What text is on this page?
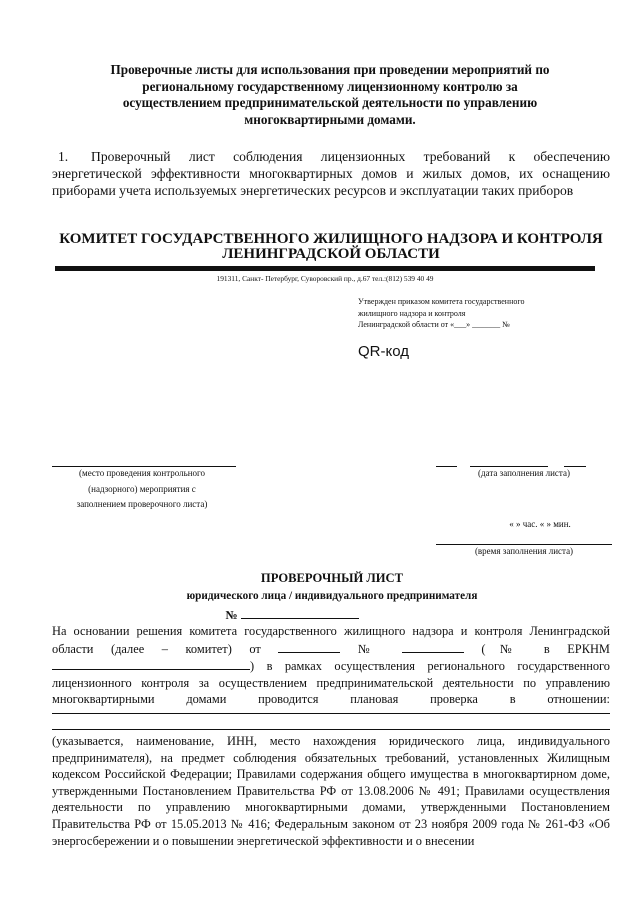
Проверочные листы для использования при проведении мероприятий по
региональному государственному лицензионному контролю за
осуществлением предпринимательской деятельности по управлению
многоквартирными домами.
1. Проверочный лист соблюдения лицензионных требований к обеспечению энергетической эффективности многоквартирных домов и жилых домов, их оснащению приборами учета используемых энергетических ресурсов и эксплуатации таких приборов
КОМИТЕТ ГОСУДАРСТВЕННОГО ЖИЛИЩНОГО НАДЗОРА И КОНТРОЛЯ
ЛЕНИНГРАДСКОЙ ОБЛАСТИ
191311, Санкт- Петербург, Суворовский пр., д.67 тел.:(812) 539 40 49
Утвержден приказом комитета государственного
жилищного надзора и контроля
Ленинградской области от «___» _______ №
QR-код
(место проведения контрольного
(надзорного) мероприятия с
заполнением проверочного листа)
(дата заполнения листа)
« » час. « » мин.
(время заполнения листа)
ПРОВЕРОЧНЫЙ ЛИСТ
юридического лица / индивидуального предпринимателя
№
На основании решения комитета государственного жилищного надзора и контроля Ленинградской
области (далее – комитет) от	№	(№ в ЕРКНМ
) в рамках осуществления регионального государственного
лицензионного контроля за осуществлением предпринимательской деятельности по управлению
многоквартирными домами проводится плановая проверка в отношении:
(указывается, наименование, ИНН, место нахождения юридического лица, индивидуального предпринимателя), на предмет соблюдения обязательных требований, установленных Жилищным кодексом Российской Федерации; Правилами содержания общего имущества в многоквартирном доме, утвержденными Постановлением Правительства РФ от 13.08.2006 № 491; Правилами осуществления деятельности по управлению многоквартирными домами, утвержденными Постановлением Правительства РФ от 15.05.2013 № 416; Федеральным законом от 23 ноября 2009 года № 261-ФЗ «Об энергосбережении и о повышении энергетической эффективности и о внесении
